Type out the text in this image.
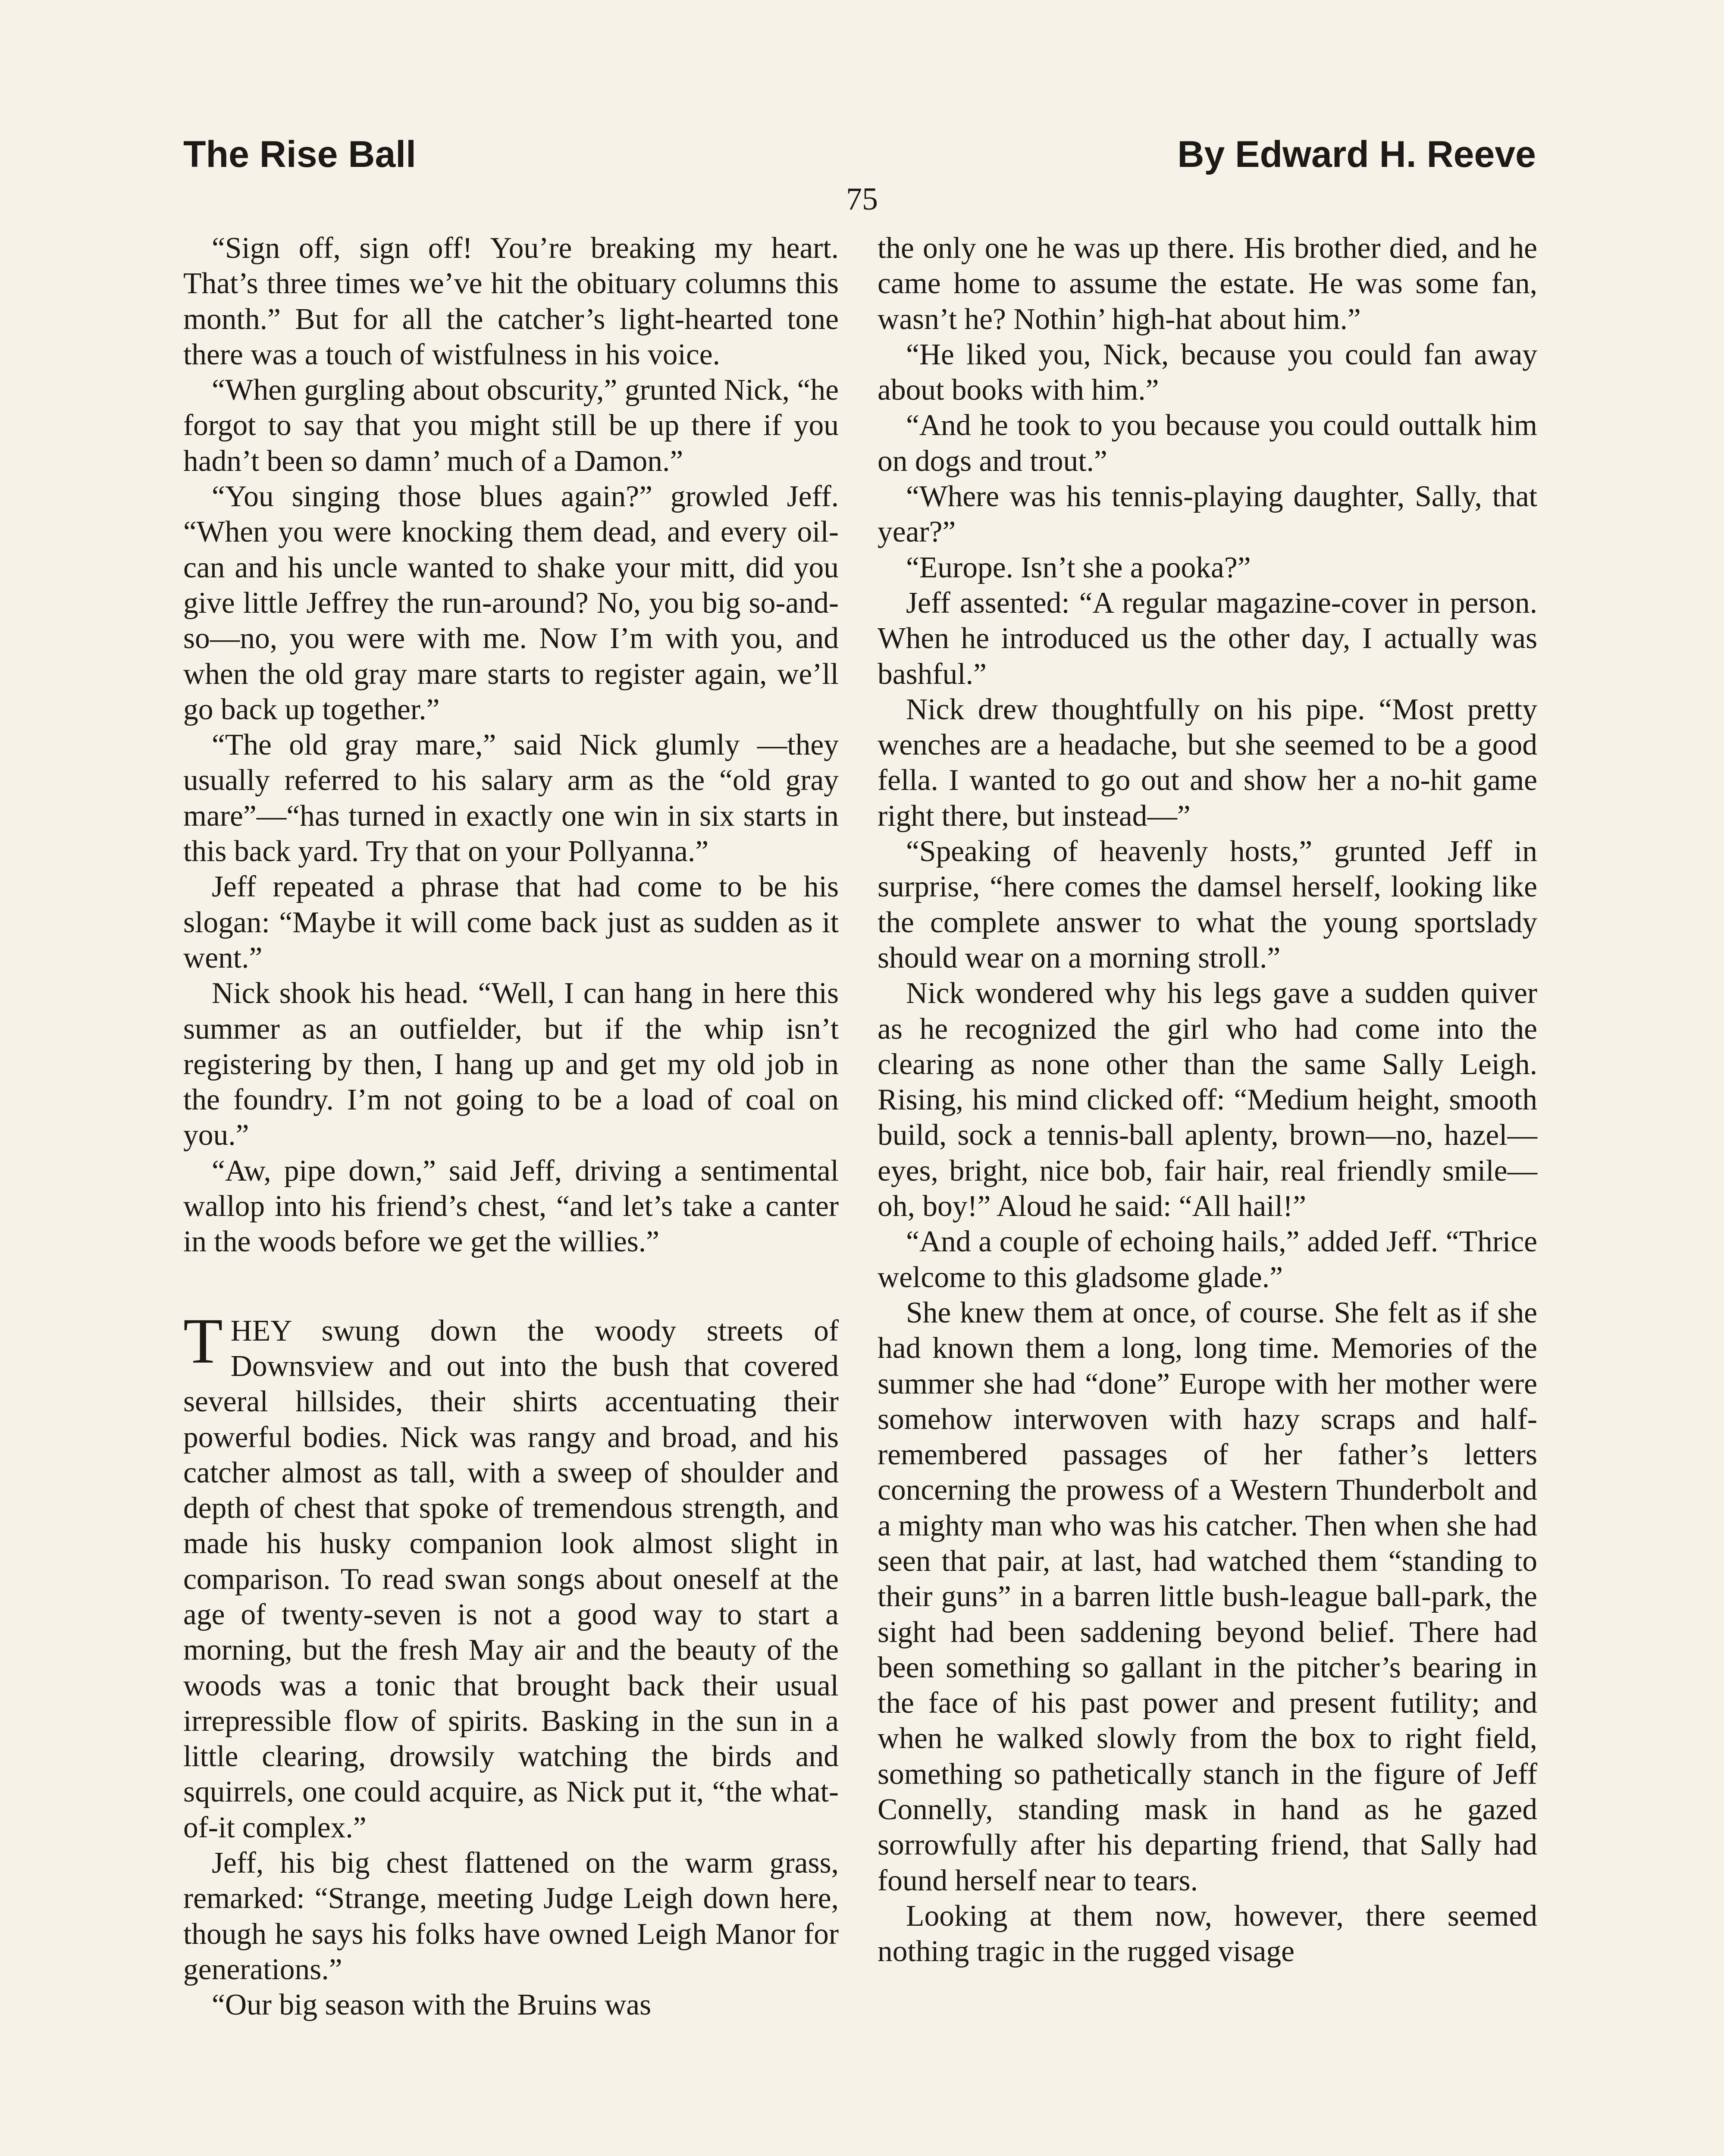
The Rise Ball	By Edward H. Reeve
75

“Sign off, sign off! You’re breaking my heart. That’s three times we’ve hit the obituary columns this month.” But for all the catcher’s light-hearted tone there was a touch of wistfulness in his voice.

“When gurgling about obscurity,” grunted Nick, “he forgot to say that you might still be up there if you hadn’t been so damn’ much of a Damon.”

“You singing those blues again?” growled Jeff. “When you were knocking them dead, and every oil-can and his uncle wanted to shake your mitt, did you give little Jeffrey the run-around? No, you big so-and-so—no, you were with me. Now I’m with you, and when the old gray mare starts to register again, we’ll go back up together.”

“The old gray mare,” said Nick glumly —they usually referred to his salary arm as the “old gray mare”—“has turned in exactly one win in six starts in this back yard. Try that on your Pollyanna.”

Jeff repeated a phrase that had come to be his slogan: “Maybe it will come back just as sudden as it went.”

Nick shook his head. “Well, I can hang in here this summer as an outfielder, but if the whip isn’t registering by then, I hang up and get my old job in the foundry. I’m not going to be a load of coal on you.”

“Aw, pipe down,” said Jeff, driving a sentimental wallop into his friend’s chest, “and let’s take a canter in the woods before we get the willies.”

THEY swung down the woody streets of Downsview and out into the bush that covered several hillsides, their shirts accentuating their powerful bodies. Nick was rangy and broad, and his catcher almost as tall, with a sweep of shoulder and depth of chest that spoke of tremendous strength, and made his husky companion look almost slight in comparison. To read swan songs about oneself at the age of twenty-seven is not a good way to start a morning, but the fresh May air and the beauty of the woods was a tonic that brought back their usual irrepressible flow of spirits. Basking in the sun in a little clearing, drowsily watching the birds and squirrels, one could acquire, as Nick put it, “the what-of-it complex.”

Jeff, his big chest flattened on the warm grass, remarked: “Strange, meeting Judge Leigh down here, though he says his folks have owned Leigh Manor for generations.”

“Our big season with the Bruins was

the only one he was up there. His brother died, and he came home to assume the estate. He was some fan, wasn’t he? Nothin’ high-hat about him.”

“He liked you, Nick, because you could fan away about books with him.”

“And he took to you because you could outtalk him on dogs and trout.”

“Where was his tennis-playing daughter, Sally, that year?”

“Europe. Isn’t she a pooka?”

Jeff assented: “A regular magazine-cover in person. When he introduced us the other day, I actually was bashful.”

Nick drew thoughtfully on his pipe. “Most pretty wenches are a headache, but she seemed to be a good fella. I wanted to go out and show her a no-hit game right there, but instead—”

“Speaking of heavenly hosts,” grunted Jeff in surprise, “here comes the damsel herself, looking like the complete answer to what the young sportslady should wear on a morning stroll.”

Nick wondered why his legs gave a sudden quiver as he recognized the girl who had come into the clearing as none other than the same Sally Leigh. Rising, his mind clicked off: “Medium height, smooth build, sock a tennis-ball aplenty, brown—no, hazel—eyes, bright, nice bob, fair hair, real friendly smile—oh, boy!” Aloud he said: “All hail!”

“And a couple of echoing hails,” added Jeff. “Thrice welcome to this gladsome glade.”

She knew them at once, of course. She felt as if she had known them a long, long time. Memories of the summer she had “done” Europe with her mother were somehow interwoven with hazy scraps and half-remembered passages of her father’s letters concerning the prowess of a Western Thunderbolt and a mighty man who was his catcher. Then when she had seen that pair, at last, had watched them “standing to their guns” in a barren little bush-league ball-park, the sight had been saddening beyond belief. There had been something so gallant in the pitcher’s bearing in the face of his past power and present futility; and when he walked slowly from the box to right field, something so pathetically stanch in the figure of Jeff Connelly, standing mask in hand as he gazed sorrowfully after his departing friend, that Sally had found herself near to tears.

Looking at them now, however, there seemed nothing tragic in the rugged visage
